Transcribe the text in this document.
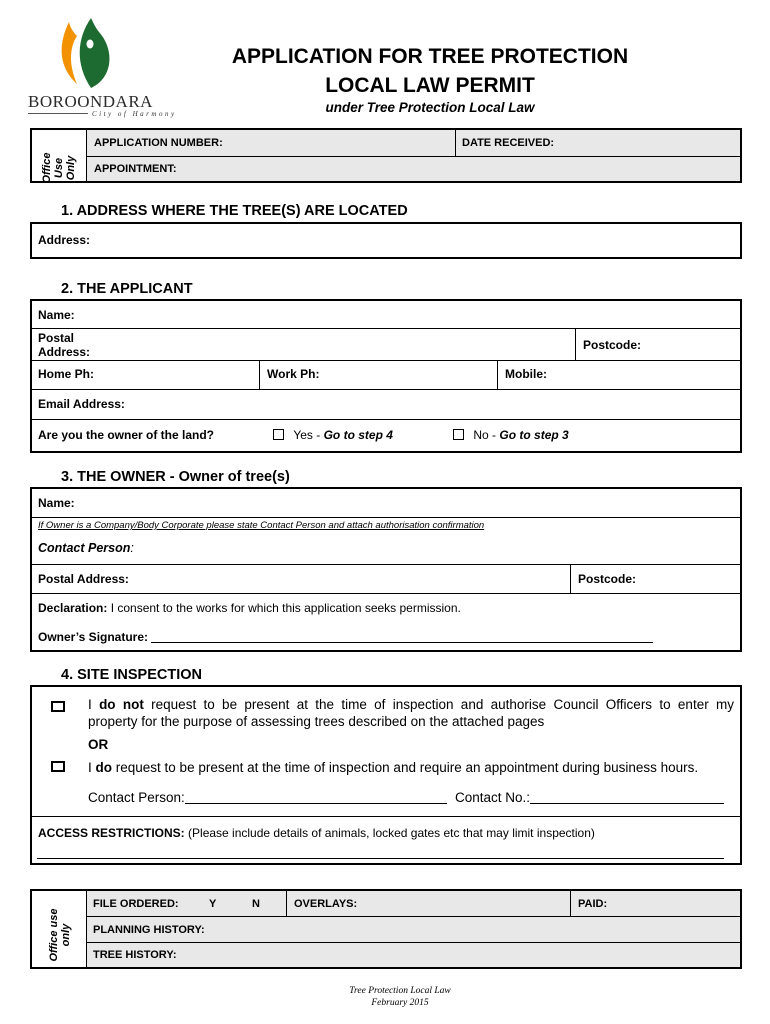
BOROONDARA
City of Harmony
APPLICATION FOR TREE PROTECTION
LOCAL LAW PERMIT
under Tree Protection Local Law
Office Use Only
APPLICATION NUMBER:	DATE RECEIVED:
APPOINTMENT:
1. ADDRESS WHERE THE TREE(S) ARE LOCATED
Address:
2. THE APPLICANT
Name:
Postal
Address:	Postcode:
Home Ph:	Work Ph:	Mobile:
Email Address:
Are you the owner of the land?	Yes - Go to step 4	No - Go to step 3
3. THE OWNER - Owner of tree(s)
Name:
If Owner is a Company/Body Corporate please state Contact Person and attach authorisation confirmation
Contact Person:
Postal Address:	Postcode:
Declaration: I consent to the works for which this application seeks permission.
Owner’s Signature:
4. SITE INSPECTION
I do not request to be present at the time of inspection and authorise Council Officers to enter my
property for the purpose of assessing trees described on the attached pages
OR
I do request to be present at the time of inspection and require an appointment during business hours.
Contact Person:	Contact No.:
ACCESS RESTRICTIONS: (Please include details of animals, locked gates etc that may limit inspection)
Office use only
FILE ORDERED:	Y	N	OVERLAYS:	PAID:
PLANNING HISTORY:
TREE HISTORY:
Tree Protection Local Law
February 2015
